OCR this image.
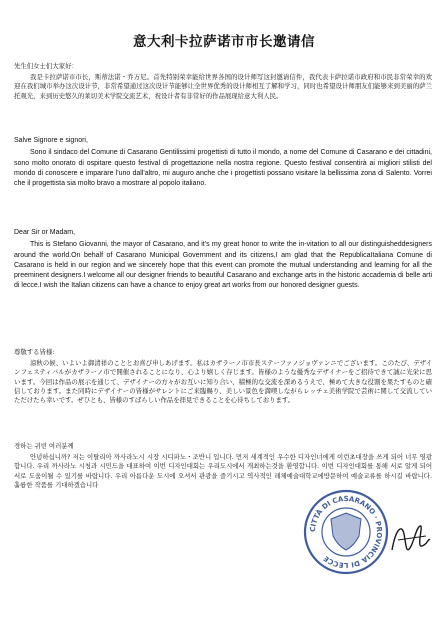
意大利卡拉萨诺市市长邀请信

先生们女士们大家好：

我是卡拉萨诺市市长，斯蒂法诺・乔万尼。首先特别荣幸能给世界各国的设计师写这封邀请信件，我代表卡萨拉诺市政府和市民非常荣幸的欢迎在我们城市举办这次设计节，非常希望通过这次设计节能够让全世界优秀的设计师相互了解和学习，同时也希望设计师朋友们能够来到美丽的萨兰托观光，来到历史悠久的莱切美术学院交流艺术，祝设计者有非常好的作品展现给意大利人民。

Salve Signore e signori,

Sono il sindaco del Comune di Casarano Gentilissimi progettisti di tutto il mondo, a nome del Comune di Casarano e dei cittadini, sono molto onorato di ospitare questo festival di progettazione nella nostra regione. Questo festival consentirà ai migliori stilisti del mondo di conoscere e imparare l'uno dall'altro, mi auguro anche che i progettisti possano visitare la bellissima zona di Salento. Vorrei che il progettista sia molto bravo a mostrare al popolo italiano.

Dear Sir or Madam,

This is Stefano Giovanni, the mayor of Casarano, and it's my great honor to write the in-vitation to all our distinguisheddesigners around the world.On behalf of Casarano Municipal Government and its citizens,I am glad that the RepublicaItaliana Comune di Casarano is held in our region and we sincerely hope that this event can promote the mutual understanding and learning for all the preeminent designers.I welcome all our designer friends to beautiful Casarano and exchange arts in the historic accademia di belle arti di lecce.I wish the Italian citizens can have a chance to enjoy great art works from our honored designer guests.

尊敬する皆様:

涼秋の候、いよいよ御清祥のこととお喜び申しあげます。私はカザラーノ市市長ステーファノジョヴァンニでございます。このたび、デザインフェスティバルがカザラーノ市で開催されることになり、心より嬉しく存じます。皆様のような優秀なデザイナーをご招待できて誠に光栄に思います。今回は作品の展示を通じて、デザイナーの方々がお互いに知り合い、積極的な交流を深めるうえで、極めて大きな役割を果たすものと確信しております。また同時にデザイナーの皆様がサレントにご来臨賜り、美しい景色を満喫しながらレッチェ美術学院で芸術に関して交流していただけたら幸いです。ぜひとも、皆様のすばらしい作品を拝見できることを心待ちしております。

경하는 귀빈 여러분께

안녕하십니까? 저는 이탈리아 까사라노시 시장 시디파노・조반니 입니다. 먼저 세계적인 우수한 디자인너에게 이런초대장을 쓰게 되어 너무 영광합니다. 우리 까사라노 시청과 시민드을 대표하여 이번 디자인대회는 우리도시에서 개최하는것을 환영합니다. 이번 디자인대회를 통해 서로 알게 되어 서로 도움이될 수 있기를 바랍니다. 우리 아름다운 도시에 오셔서 관광을 즐기시고 역사적인 레체예술대학교에방문하여 예술교류를 하시길 바랍니다. 훌륭한 작품를 기대하겠습니다

CITTÀ DI CASARANO · PROVINCIA DI LECCE
